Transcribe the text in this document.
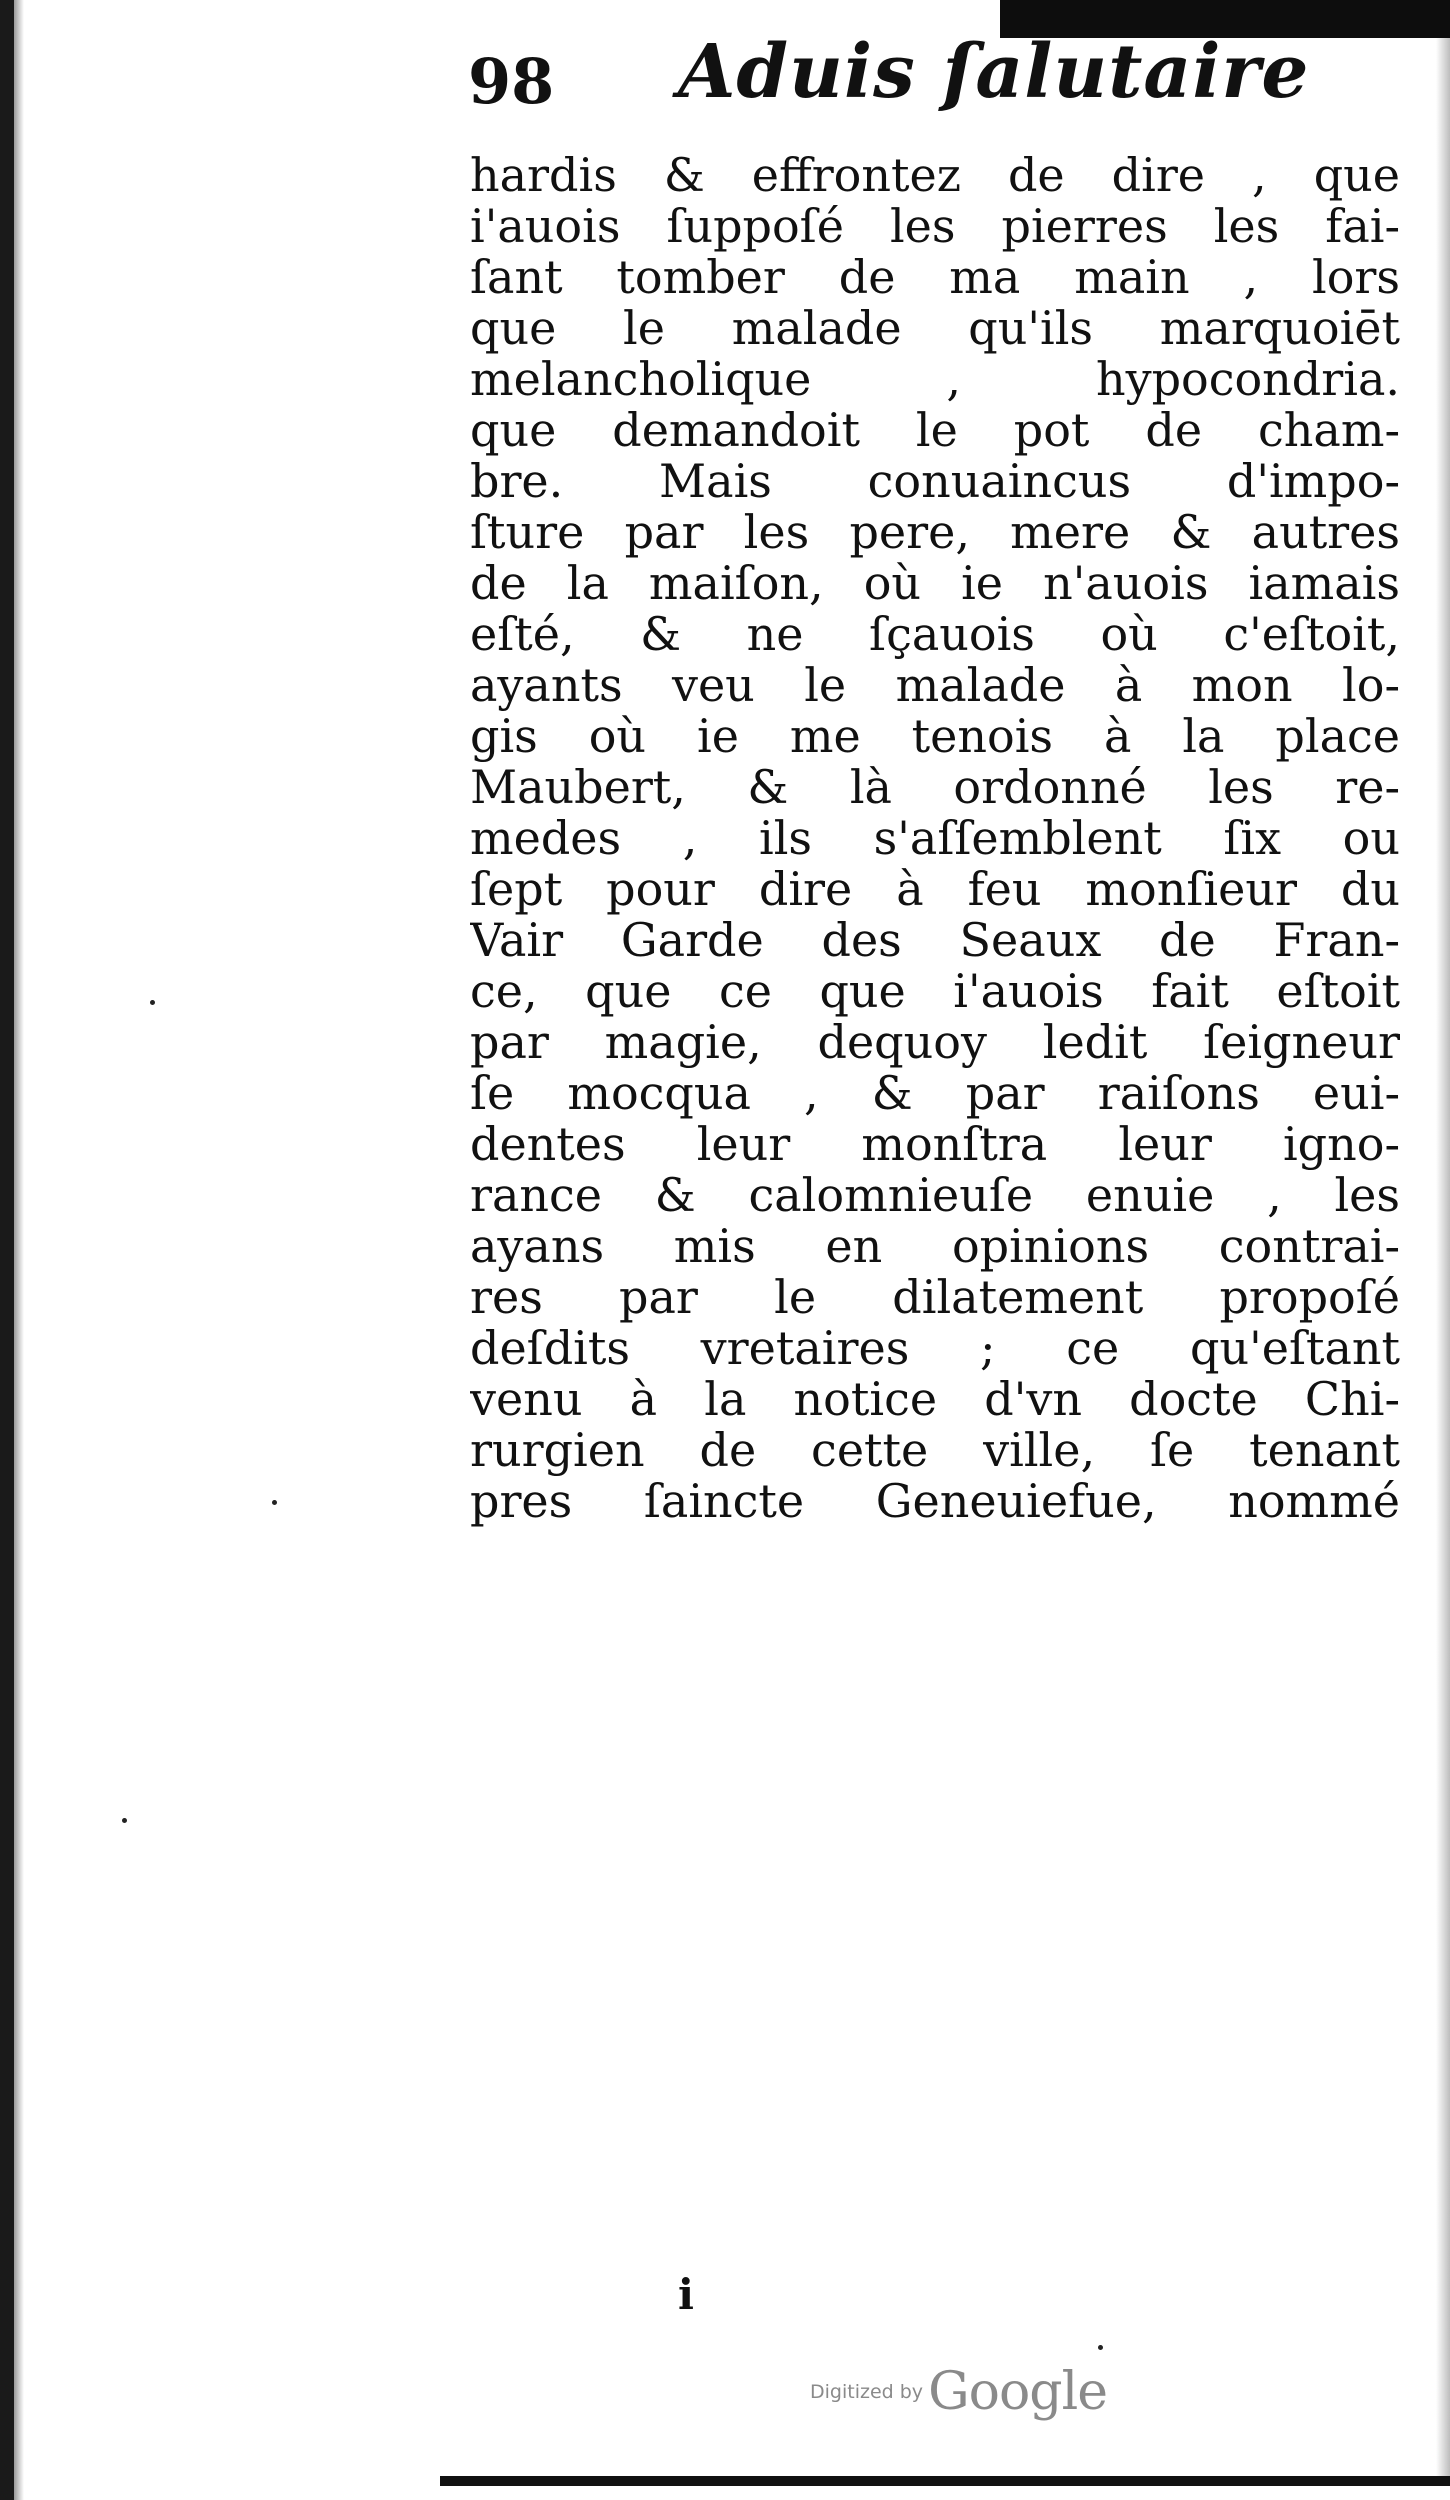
98 Aduis ſalutaire
hardis & effrontez de dire , que
i'auois ſuppoſé les pierres les fai-
ſant tomber de ma main , lors
que le malade qu'ils marquoiēt
melancholique , hypocondria.
que demandoit le pot de cham-
bre. Mais conuaincus d'impo-
ſture par les pere, mere & autres
de la maiſon, où ie n'auois iamais
eſté, & ne ſçauois où c'eſtoit,
ayants veu le malade à mon lo-
gis où ie me tenois à la place
Maubert, & là ordonné les re-
medes , ils s'aſſemblent ſix ou
ſept pour dire à feu monſieur du
Vair Garde des Seaux de Fran-
ce, que ce que i'auois fait eſtoit
par magie, dequoy ledit ſeigneur
ſe mocqua , & par raiſons eui-
dentes leur monſtra leur igno-
rance & calomnieuſe enuie , les
ayans mis en opinions contrai-
res par le dilatement propoſé
deſdits vretaires ; ce qu'eſtant
venu à la notice d'vn docte Chi-
rurgien de cette ville, ſe tenant
pres ſaincte Geneuiefue, nommé
i
Digitized by Google
